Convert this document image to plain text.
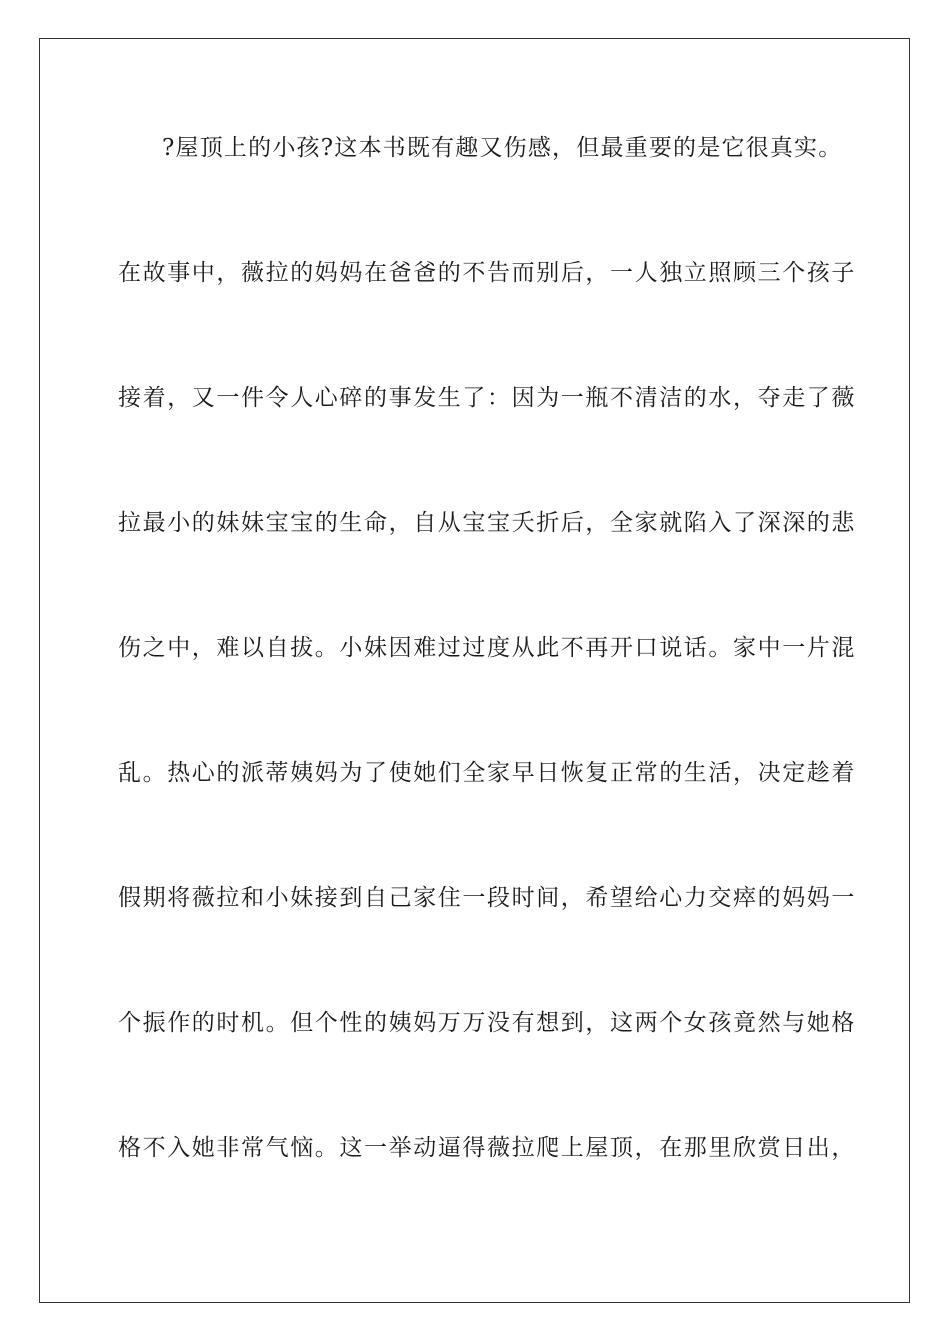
?屋顶上的小孩?这本书既有趣又伤感，但最重要的是它很真实。
在故事中，薇拉的妈妈在爸爸的不告而别后，一人独立照顾三个孩子
接着，又一件令人心碎的事发生了：因为一瓶不清洁的水，夺走了薇
拉最小的妹妹宝宝的生命，自从宝宝夭折后，全家就陷入了深深的悲
伤之中，难以自拔。小妹因难过过度从此不再开口说话。家中一片混
乱。热心的派蒂姨妈为了使她们全家早日恢复正常的生活，决定趁着
假期将薇拉和小妹接到自己家住一段时间，希望给心力交瘁的妈妈一
个振作的时机。但个性的姨妈万万没有想到，这两个女孩竟然与她格
格不入她非常气恼。这一举动逼得薇拉爬上屋顶，在那里欣赏日出，
